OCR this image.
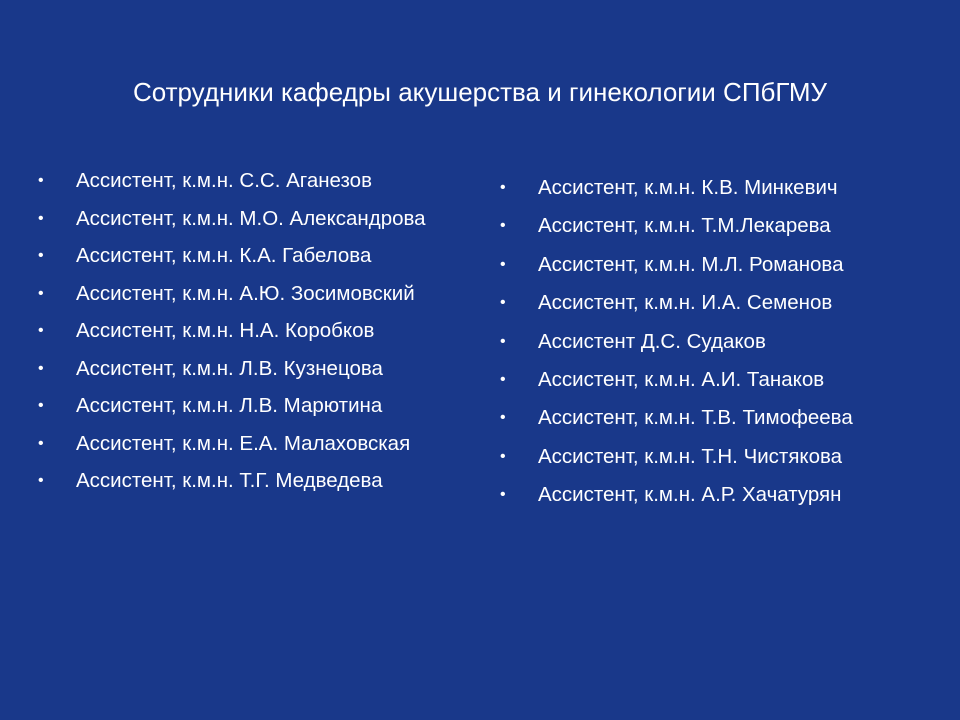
Сотрудники кафедры акушерства и гинекологии СПбГМУ
•	Ассистент, к.м.н. С.С. Аганезов
•	Ассистент, к.м.н. М.О. Александрова
•	Ассистент, к.м.н. К.А. Габелова
•	Ассистент, к.м.н. А.Ю. Зосимовский
•	Ассистент, к.м.н. Н.А. Коробков
•	Ассистент, к.м.н. Л.В. Кузнецова
•	Ассистент, к.м.н. Л.В. Марютина
•	Ассистент, к.м.н. Е.А. Малаховская
•	Ассистент, к.м.н. Т.Г. Медведева
•	Ассистент, к.м.н. К.В. Минкевич
•	Ассистент, к.м.н. Т.М.Лекарева
•	Ассистент, к.м.н. М.Л. Романова
•	Ассистент, к.м.н. И.А. Семенов
•	Ассистент Д.С. Судаков
•	Ассистент, к.м.н. А.И. Танаков
•	Ассистент, к.м.н. Т.В. Тимофеева
•	Ассистент, к.м.н. Т.Н. Чистякова
•	Ассистент, к.м.н. А.Р. Хачатурян
